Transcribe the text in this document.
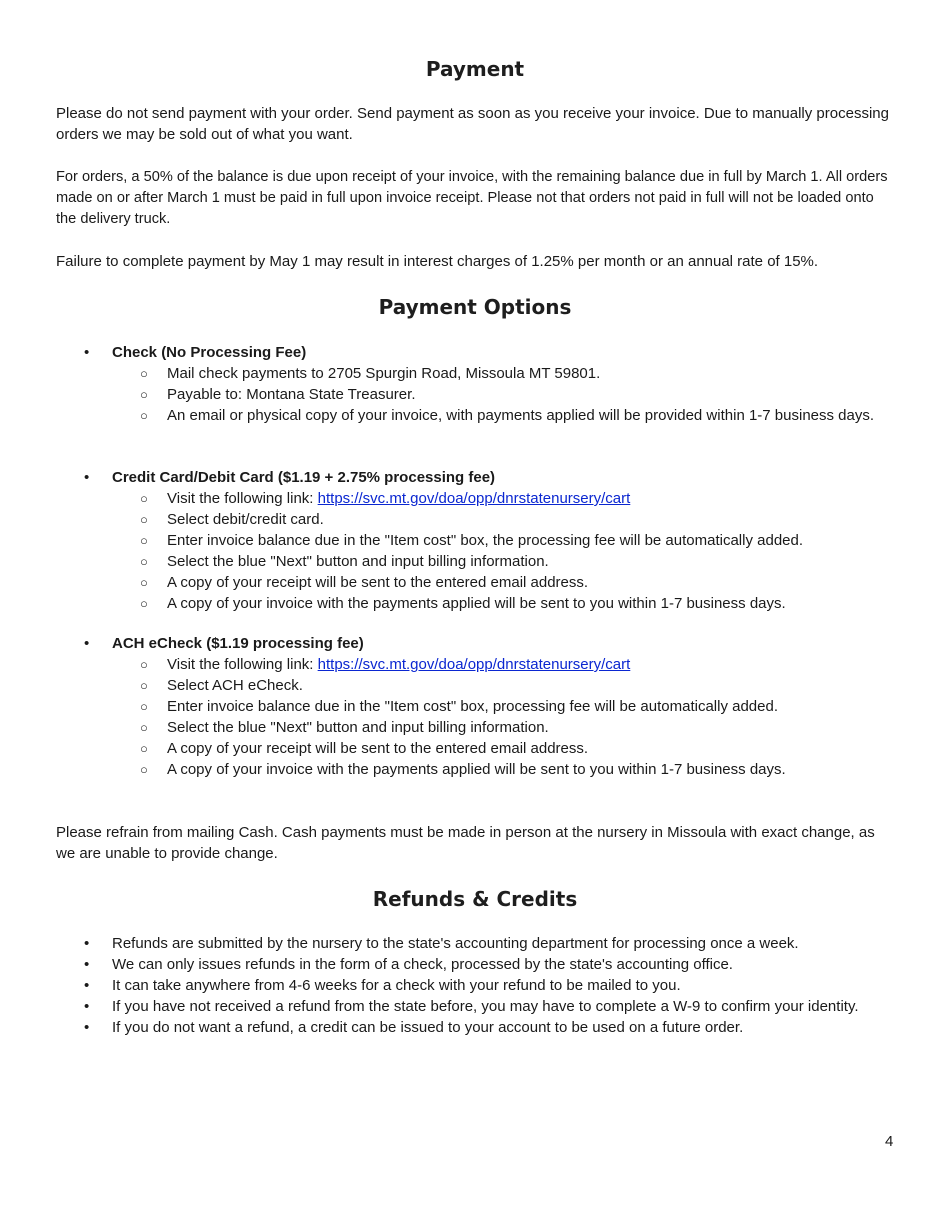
Payment

Please do not send payment with your order. Send payment as soon as you receive your invoice. Due to manually processing orders we may be sold out of what you want.

For orders, a 50% of the balance is due upon receipt of your invoice, with the remaining balance due in full by March 1. All orders made on or after March 1 must be paid in full upon invoice receipt. Please not that orders not paid in full will not be loaded onto the delivery truck.

Failure to complete payment by May 1 may result in interest charges of 1.25% per month or an annual rate of 15%.

Payment Options
• Check (No Processing Fee)
○ Mail check payments to 2705 Spurgin Road, Missoula MT 59801.
○ Payable to: Montana State Treasurer.
○ An email or physical copy of your invoice, with payments applied will be provided within 1-7 business days.
• Credit Card/Debit Card ($1.19 + 2.75% processing fee)
○ Visit the following link: https://svc.mt.gov/doa/opp/dnrstatenursery/cart
○ Select debit/credit card.
○ Enter invoice balance due in the "Item cost" box, the processing fee will be automatically added.
○ Select the blue "Next" button and input billing information.
○ A copy of your receipt will be sent to the entered email address.
○ A copy of your invoice with the payments applied will be sent to you within 1-7 business days.
• ACH eCheck ($1.19 processing fee)
○ Visit the following link: https://svc.mt.gov/doa/opp/dnrstatenursery/cart
○ Select ACH eCheck.
○ Enter invoice balance due in the "Item cost" box, processing fee will be automatically added.
○ Select the blue "Next" button and input billing information.
○ A copy of your receipt will be sent to the entered email address.
○ A copy of your invoice with the payments applied will be sent to you within 1-7 business days.

Please refrain from mailing Cash. Cash payments must be made in person at the nursery in Missoula with exact change, as we are unable to provide change.

Refunds & Credits
• Refunds are submitted by the nursery to the state's accounting department for processing once a week.
• We can only issues refunds in the form of a check, processed by the state's accounting office.
• It can take anywhere from 4-6 weeks for a check with your refund to be mailed to you.
• If you have not received a refund from the state before, you may have to complete a W-9 to confirm your identity.
• If you do not want a refund, a credit can be issued to your account to be used on a future order.
4
